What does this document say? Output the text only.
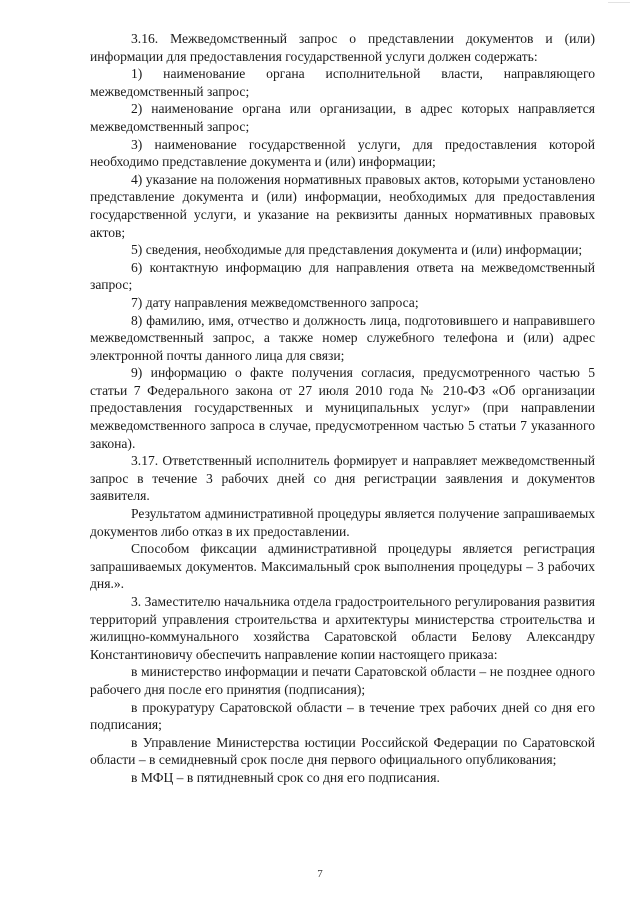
3.16. Межведомственный запрос о представлении документов и (или) информации для предоставления государственной услуги должен содержать:

1) наименование органа исполнительной власти, направляющего межведомственный запрос;

2) наименование органа или организации, в адрес которых направляется межведомственный запрос;

3) наименование государственной услуги, для предоставления которой необходимо представление документа и (или) информации;

4) указание на положения нормативных правовых актов, которыми установлено представление документа и (или) информации, необходимых для предоставления государственной услуги, и указание на реквизиты данных нормативных правовых актов;

5) сведения, необходимые для представления документа и (или) информации;

6) контактную информацию для направления ответа на межведомственный запрос;

7) дату направления межведомственного запроса;

8) фамилию, имя, отчество и должность лица, подготовившего и направившего межведомственный запрос, а также номер служебного телефона и (или) адрес электронной почты данного лица для связи;

9) информацию о факте получения согласия, предусмотренного частью 5 статьи 7 Федерального закона от 27 июля 2010 года № 210-ФЗ «Об организации предоставления государственных и муниципальных услуг» (при направлении межведомственного запроса в случае, предусмотренном частью 5 статьи 7 указанного закона).

3.17. Ответственный исполнитель формирует и направляет межведомственный запрос в течение 3 рабочих дней со дня регистрации заявления и документов заявителя.

Результатом административной процедуры является получение запрашиваемых документов либо отказ в их предоставлении.

Способом фиксации административной процедуры является регистрация запрашиваемых документов. Максимальный срок выполнения процедуры – 3 рабочих дня.».

3. Заместителю начальника отдела градостроительного регулирования развития территорий управления строительства и архитектуры министерства строительства и жилищно-коммунального хозяйства Саратовской области Белову Александру Константиновичу обеспечить направление копии настоящего приказа:

в министерство информации и печати Саратовской области – не позднее одного рабочего дня после его принятия (подписания);

в прокуратуру Саратовской области – в течение трех рабочих дней со дня его подписания;

в Управление Министерства юстиции Российской Федерации по Саратовской области – в семидневный срок после дня первого официального опубликования;

в МФЦ – в пятидневный срок со дня его подписания.

7
